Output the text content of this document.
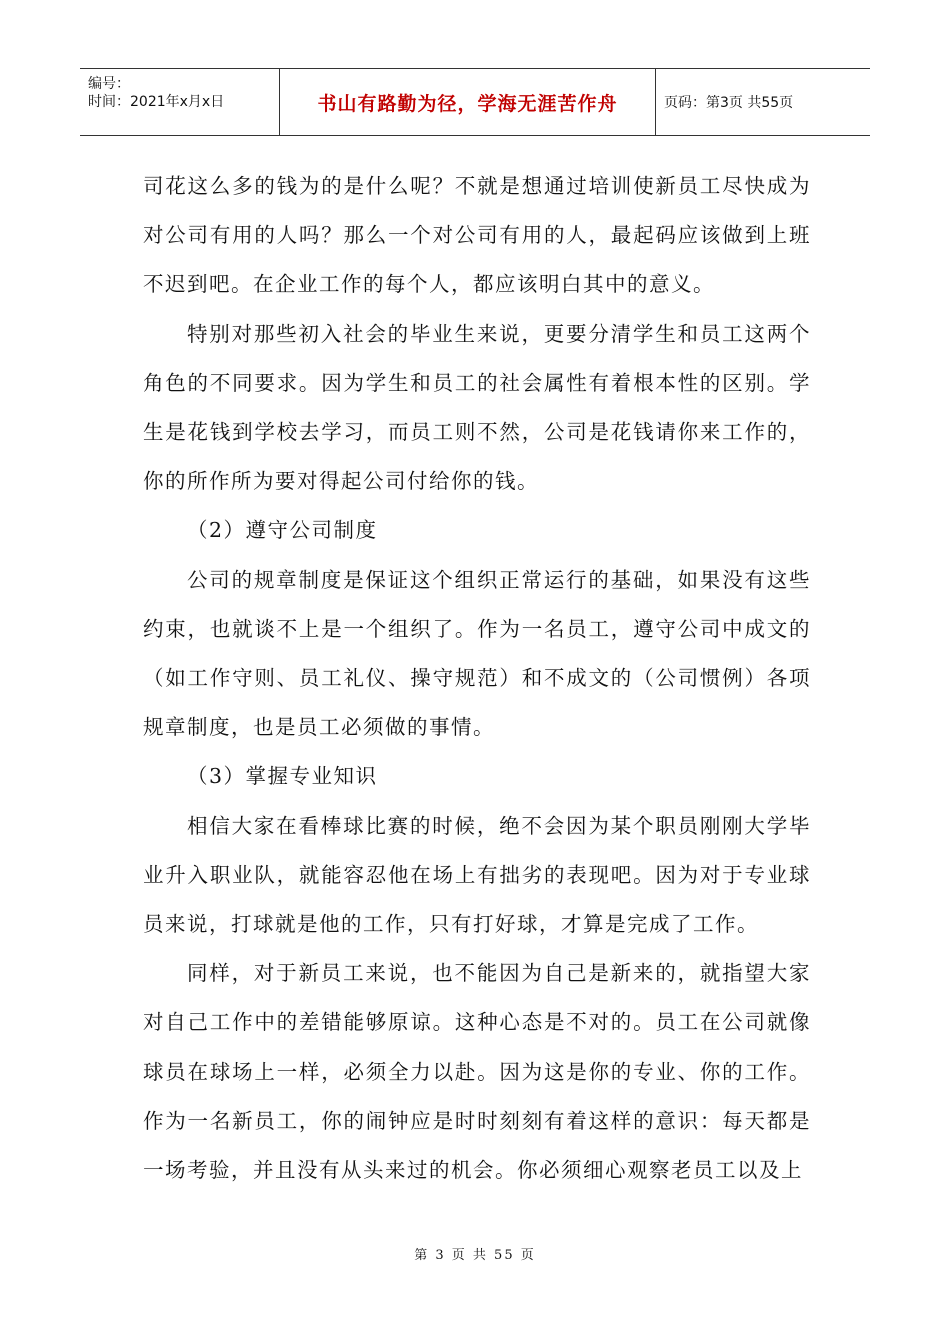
编号：
时间：2021年x月x日	书山有路勤为径，学海无涯苦作舟	页码：第3页 共55页

司花这么多的钱为的是什么呢？不就是想通过培训使新员工尽快成为对公司有用的人吗？那么一个对公司有用的人，最起码应该做到上班不迟到吧。在企业工作的每个人，都应该明白其中的意义。

特别对那些初入社会的毕业生来说，更要分清学生和员工这两个角色的不同要求。因为学生和员工的社会属性有着根本性的区别。学生是花钱到学校去学习，而员工则不然，公司是花钱请你来工作的，你的所作所为要对得起公司付给你的钱。

（2）遵守公司制度

公司的规章制度是保证这个组织正常运行的基础，如果没有这些约束，也就谈不上是一个组织了。作为一名员工，遵守公司中成文的（如工作守则、员工礼仪、操守规范）和不成文的（公司惯例）各项规章制度，也是员工必须做的事情。

（3）掌握专业知识

相信大家在看棒球比赛的时候，绝不会因为某个职员刚刚大学毕业升入职业队，就能容忍他在场上有拙劣的表现吧。因为对于专业球员来说，打球就是他的工作，只有打好球，才算是完成了工作。

同样，对于新员工来说，也不能因为自己是新来的，就指望大家对自己工作中的差错能够原谅。这种心态是不对的。员工在公司就像球员在球场上一样，必须全力以赴。因为这是你的专业、你的工作。作为一名新员工，你的闹钟应是时时刻刻有着这样的意识：每天都是一场考验，并且没有从头来过的机会。你必须细心观察老员工以及上

第 3 页 共 55 页
